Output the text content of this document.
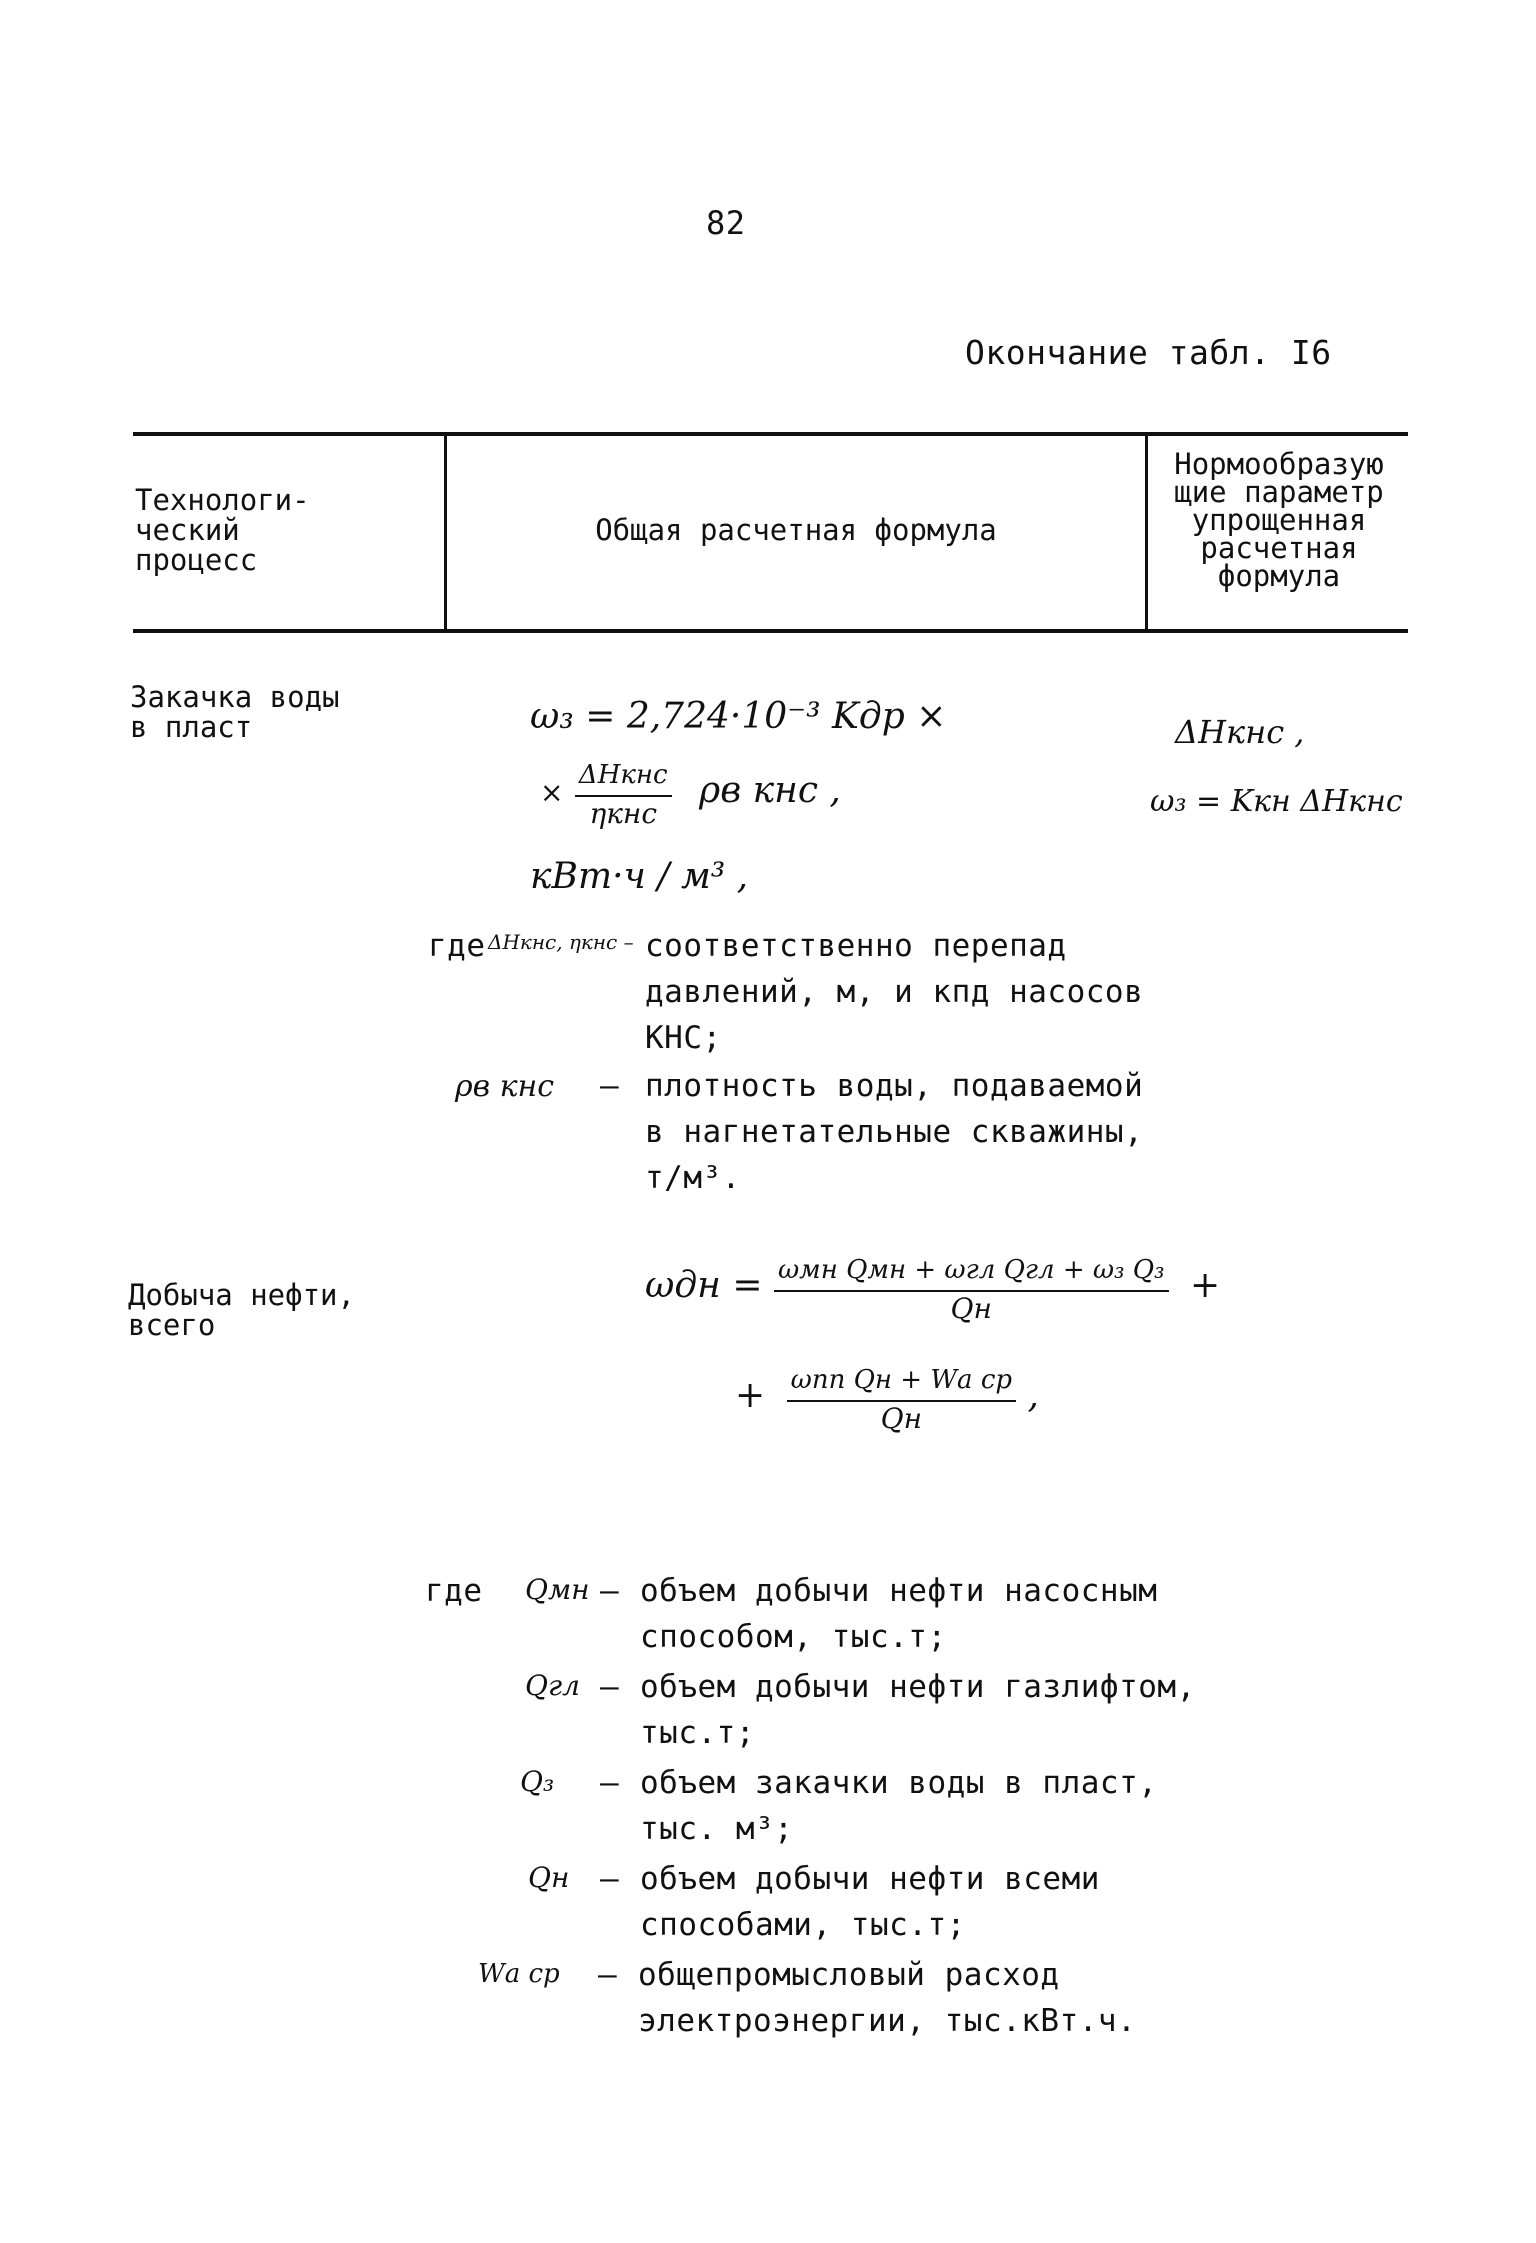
82
Окончание табл. I6
Технологи-
ческий
процесс
Общая расчетная формула
Нормообразую
щие параметр
упрощенная
расчетная
формула
Закачка воды
в пласт	ω₃ = 2,724·10⁻³ Kдр ×
× $\frac{\text{ΔHкнс}}{\text{ηкнс}}$ ρв кнс ,
кВт·ч / м³ ,
ΔHкнс ,
ω₃ = Kкн ΔHкнс
где ΔHкнс, ηкнс – соответственно перепад
давлений, м, и кпд насосов
КНС;
ρв кнс – плотность воды, подаваемой
в нагнетательные скважины,
т/м³.
Добыча нефти,
всего
$\omega дн = \frac{\text{ωмн Qмн + ωгл Qгл + ω₃ Q₃}}{Qн}$ +
+ $\frac{\text{ωпп Qн + Wа ср}}{Qн}$ ,
где Qмн – объем добычи нефти насосным
способом, тыс.т;
Qгл – объем добычи нефти газлифтом,
тыс.т;
Q₃ – объем закачки воды в пласт,
тыс. м³;
Qн – объем добычи нефти всеми
способами, тыс.т;
Wа ср – общепромысловый расход
электроэнергии, тыс.кВт.ч.
